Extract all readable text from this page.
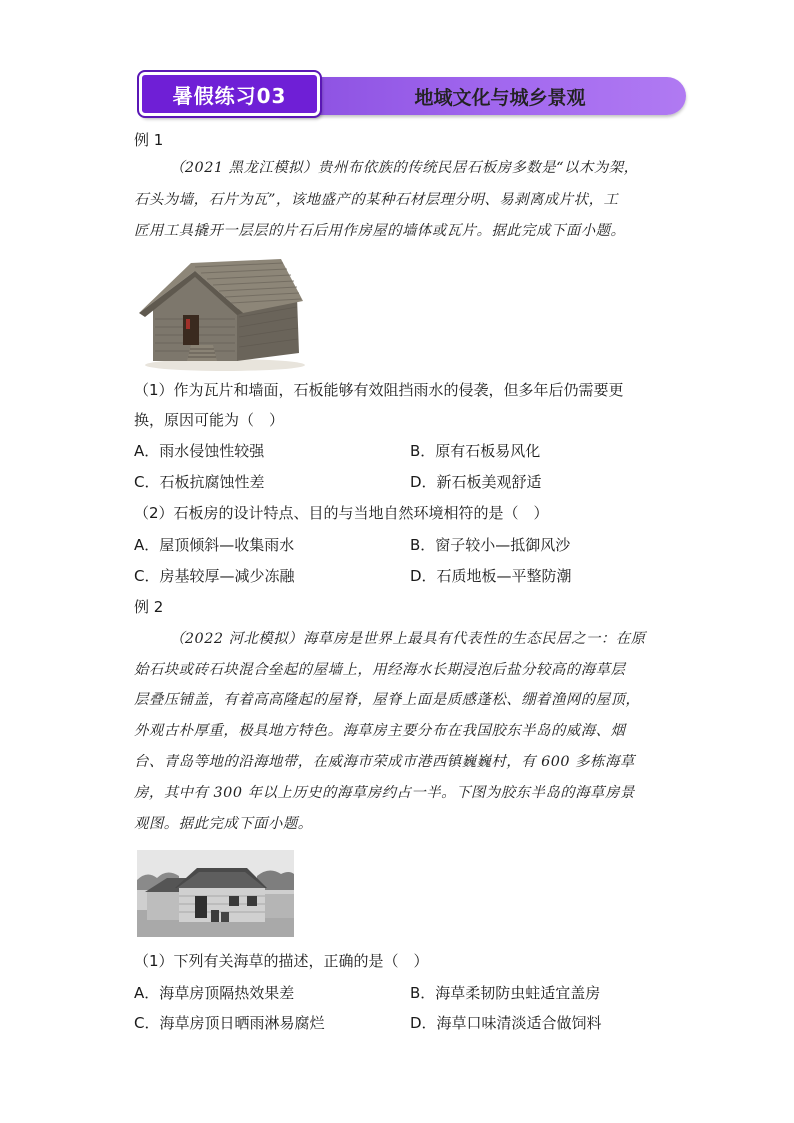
暑假练习03	地域文化与城乡景观
例 1
（2021 黑龙江模拟）贵州布依族的传统民居石板房多数是“以木为架，
石头为墙，石片为瓦”，该地盛产的某种石材层理分明、易剥离成片状，工
匠用工具撬开一层层的片石后用作房屋的墙体或瓦片。据此完成下面小题。
（1）作为瓦片和墙面，石板能够有效阻挡雨水的侵袭，但多年后仍需要更
换，原因可能为（　）
A．雨水侵蚀性较强	B．原有石板易风化
C．石板抗腐蚀性差	D．新石板美观舒适
（2）石板房的设计特点、目的与当地自然环境相符的是（　）
A．屋顶倾斜—收集雨水	B．窗子较小—抵御风沙
C．房基较厚—减少冻融	D．石质地板—平整防潮
例 2
（2022 河北模拟）海草房是世界上最具有代表性的生态民居之一：在原
始石块或砖石块混合垒起的屋墙上，用经海水长期浸泡后盐分较高的海草层
层叠压铺盖，有着高高隆起的屋脊，屋脊上面是质感蓬松、绷着渔网的屋顶，
外观古朴厚重，极具地方特色。海草房主要分布在我国胶东半岛的威海、烟
台、青岛等地的沿海地带，在威海市荣成市港西镇巍巍村，有 600 多栋海草
房，其中有 300 年以上历史的海草房约占一半。下图为胶东半岛的海草房景
观图。据此完成下面小题。
（1）下列有关海草的描述，正确的是（　）
A．海草房顶隔热效果差	B．海草柔韧防虫蛀适宜盖房
C．海草房顶日晒雨淋易腐烂	D．海草口味清淡适合做饲料
